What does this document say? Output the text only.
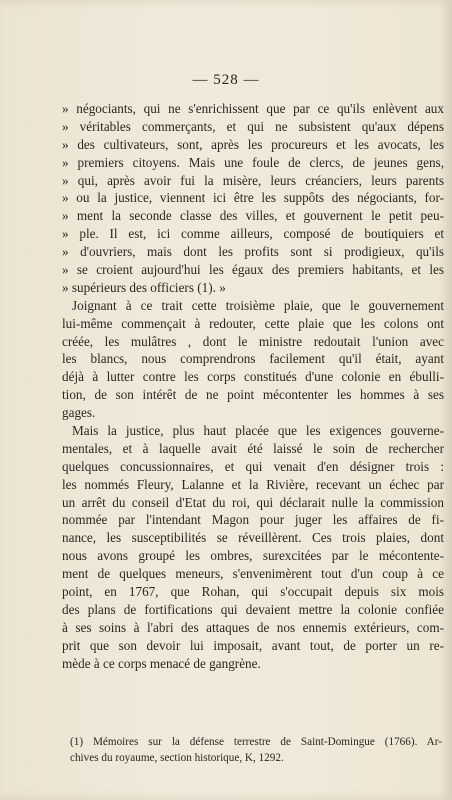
— 528 —
» négociants, qui ne s'enrichissent que par ce qu'ils enlèvent aux
» véritables commerçants, et qui ne subsistent qu'aux dépens
» des cultivateurs, sont, après les procureurs et les avocats, les
» premiers citoyens. Mais une foule de clercs, de jeunes gens,
» qui, après avoir fui la misère, leurs créanciers, leurs parents
» ou la justice, viennent ici être les suppôts des négociants, for-
» ment la seconde classe des villes, et gouvernent le petit peu-
» ple. Il est, ici comme ailleurs, composé de boutiquiers et
» d'ouvriers, mais dont les profits sont si prodigieux, qu'ils
» se croient aujourd'hui les égaux des premiers habitants, et les
» supérieurs des officiers (1). »
Joignant à ce trait cette troisième plaie, que le gouvernement
lui-même commençait à redouter, cette plaie que les colons ont
créée, les mulâtres , dont le ministre redoutait l'union avec
les blancs, nous comprendrons facilement qu'il était, ayant
déjà à lutter contre les corps constitués d'une colonie en ébulli-
tion, de son intérêt de ne point mécontenter les hommes à ses
gages.
Mais la justice, plus haut placée que les exigences gouverne-
mentales, et à laquelle avait été laissé le soin de rechercher
quelques concussionnaires, et qui venait d'en désigner trois :
les nommés Fleury, Lalanne et la Rivière, recevant un échec par
un arrêt du conseil d'Etat du roi, qui déclarait nulle la commission
nommée par l'intendant Magon pour juger les affaires de fi-
nance, les susceptibilités se réveillèrent. Ces trois plaies, dont
nous avons groupé les ombres, surexcitées par le mécontente-
ment de quelques meneurs, s'envenimèrent tout d'un coup à ce
point, en 1767, que Rohan, qui s'occupait depuis six mois
des plans de fortifications qui devaient mettre la colonie confiée
à ses soins à l'abri des attaques de nos ennemis extérieurs, com-
prit que son devoir lui imposait, avant tout, de porter un re-
mède à ce corps menacé de gangrène.
(1) Mémoires sur la défense terrestre de Saint-Domingue (1766). Ar-
chives du royaume, section historique, K, 1292.
